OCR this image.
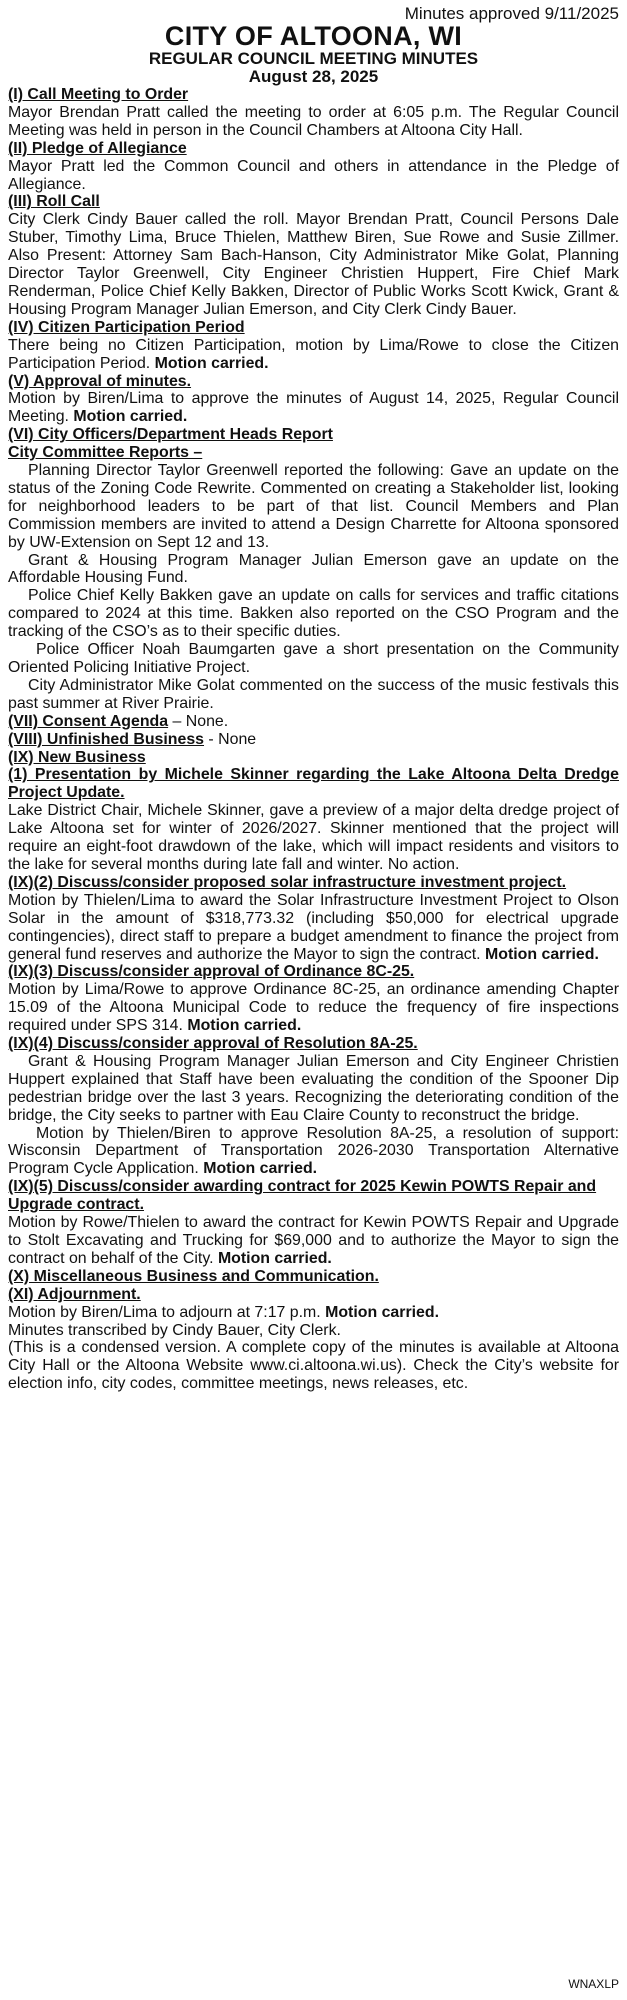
Minutes approved 9/11/2025
CITY OF ALTOONA, WI
REGULAR COUNCIL MEETING MINUTES
August 28, 2025
(I) Call Meeting to Order

Mayor Brendan Pratt called the meeting to order at 6:05 p.m. The Regular Council Meeting was held in person in the Council Chambers at Altoona City Hall.

(II) Pledge of Allegiance

Mayor Pratt led the Common Council and others in attendance in the Pledge of Allegiance.

(III) Roll Call

City Clerk Cindy Bauer called the roll. Mayor Brendan Pratt, Council Persons Dale Stuber, Timothy Lima, Bruce Thielen, Matthew Biren, Sue Rowe and Susie Zillmer. Also Present: Attorney Sam Bach-Hanson, City Administrator Mike Golat, Planning Director Taylor Greenwell, City Engineer Christien Huppert, Fire Chief Mark Renderman, Police Chief Kelly Bakken, Director of Public Works Scott Kwick, Grant & Housing Program Manager Julian Emerson, and City Clerk Cindy Bauer.

(IV) Citizen Participation Period

There being no Citizen Participation, motion by Lima/Rowe to close the Citizen Participation Period. Motion carried.

(V) Approval of minutes.

Motion by Biren/Lima to approve the minutes of August 14, 2025, Regular Council Meeting. Motion carried.

(VI) City Officers/Department Heads Report
City Committee Reports –

Planning Director Taylor Greenwell reported the following: Gave an update on the status of the Zoning Code Rewrite. Commented on creating a Stakeholder list, looking for neighborhood leaders to be part of that list. Council Members and Plan Commission members are invited to attend a Design Charrette for Altoona sponsored by UW-Extension on Sept 12 and 13.

Grant & Housing Program Manager Julian Emerson gave an update on the Affordable Housing Fund.

Police Chief Kelly Bakken gave an update on calls for services and traffic citations compared to 2024 at this time. Bakken also reported on the CSO Program and the tracking of the CSO’s as to their specific duties.

Police Officer Noah Baumgarten gave a short presentation on the Community Oriented Policing Initiative Project.

City Administrator Mike Golat commented on the success of the music festivals this past summer at River Prairie.

(VII) Consent Agenda – None.
(VIII) Unfinished Business - None
(IX) New Business
(1) Presentation by Michele Skinner regarding the Lake Altoona Delta Dredge Project Update.

Lake District Chair, Michele Skinner, gave a preview of a major delta dredge project of Lake Altoona set for winter of 2026/2027. Skinner mentioned that the project will require an eight-foot drawdown of the lake, which will impact residents and visitors to the lake for several months during late fall and winter. No action.

(IX)(2) Discuss/consider proposed solar infrastructure investment project.

Motion by Thielen/Lima to award the Solar Infrastructure Investment Project to Olson Solar in the amount of $318,773.32 (including $50,000 for electrical upgrade contingencies), direct staff to prepare a budget amendment to finance the project from general fund reserves and authorize the Mayor to sign the contract. Motion carried.

(IX)(3) Discuss/consider approval of Ordinance 8C-25.

Motion by Lima/Rowe to approve Ordinance 8C-25, an ordinance amending Chapter 15.09 of the Altoona Municipal Code to reduce the frequency of fire inspections required under SPS 314. Motion carried.

(IX)(4) Discuss/consider approval of Resolution 8A-25.

Grant & Housing Program Manager Julian Emerson and City Engineer Christien Huppert explained that Staff have been evaluating the condition of the Spooner Dip pedestrian bridge over the last 3 years. Recognizing the deteriorating condition of the bridge, the City seeks to partner with Eau Claire County to reconstruct the bridge.

Motion by Thielen/Biren to approve Resolution 8A-25, a resolution of support: Wisconsin Department of Transportation 2026-2030 Transportation Alternative Program Cycle Application. Motion carried.

(IX)(5) Discuss/consider awarding contract for 2025 Kewin POWTS Repair and Upgrade contract.

Motion by Rowe/Thielen to award the contract for Kewin POWTS Repair and Upgrade to Stolt Excavating and Trucking for $69,000 and to authorize the Mayor to sign the contract on behalf of the City. Motion carried.

(X) Miscellaneous Business and Communication.
(XI) Adjournment.

Motion by Biren/Lima to adjourn at 7:17 p.m. Motion carried.

Minutes transcribed by Cindy Bauer, City Clerk.

(This is a condensed version. A complete copy of the minutes is available at Altoona City Hall or the Altoona Website www.ci.altoona.wi.us). Check the City’s website for election info, city codes, committee meetings, news releases, etc.

WNAXLP
